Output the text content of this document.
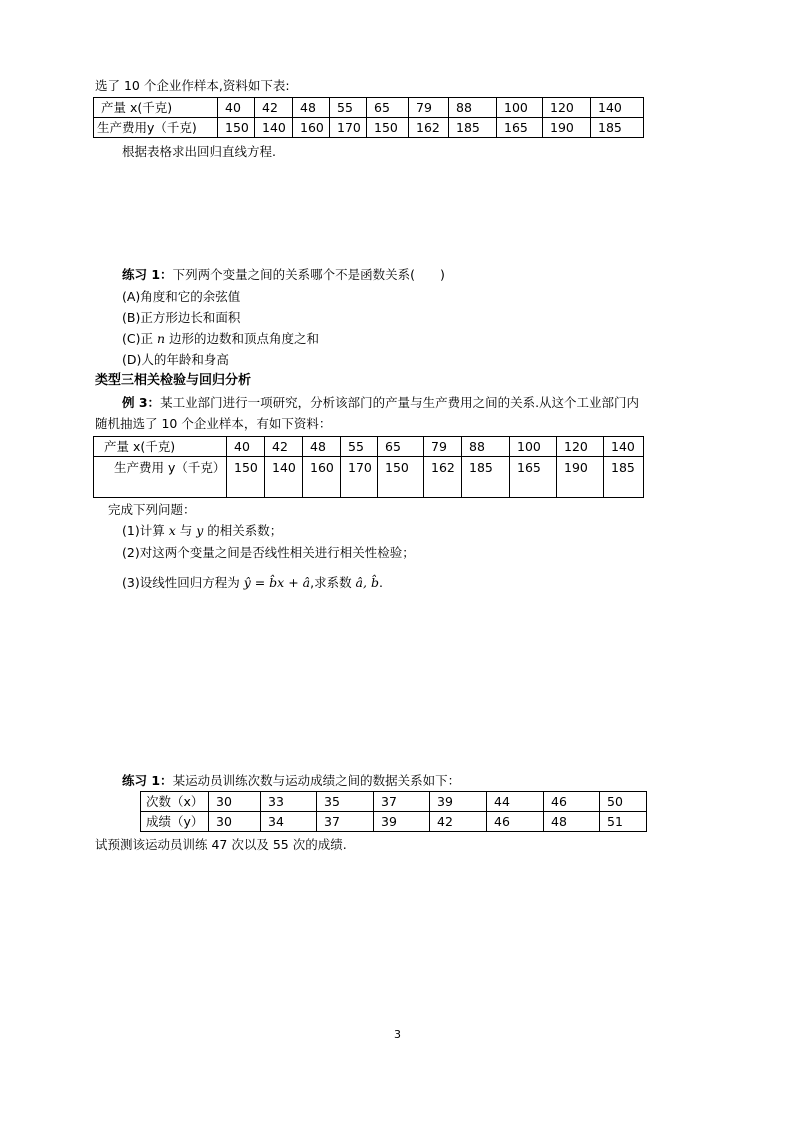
选了 10 个企业作样本,资料如下表:
产量 x(千克)	40	42	48	55	65	79	88	100	120	140
生产费用y（千克)	150	140	160	170	150	162	185	165	190	185
根据表格求出回归直线方程.
练习 1：下列两个变量之间的关系哪个不是函数关系(　　)
(A)角度和它的余弦值
(B)正方形边长和面积
(C)正 n 边形的边数和顶点角度之和
(D)人的年龄和身高
类型三相关检验与回归分析
例 3：某工业部门进行一项研究，分析该部门的产量与生产费用之间的关系.从这个工业部门内
随机抽选了 10 个企业样本，有如下资料：
产量 x(千克)	40	42	48	55	65	79	88	100	120	140
生产费用 y（千克）	150	140	160	170	150	162	185	165	190	185
完成下列问题：
(1)计算 x 与 y 的相关系数；
(2)对这两个变量之间是否线性相关进行相关性检验；
(3)设线性回归方程为 ŷ = b̂x + â,求系数 â, b̂.
练习 1：某运动员训练次数与运动成绩之间的数据关系如下：
次数（x）	30	33	35	37	39	44	46	50
成绩（y）	30	34	37	39	42	46	48	51
试预测该运动员训练 47 次以及 55 次的成绩.
3
